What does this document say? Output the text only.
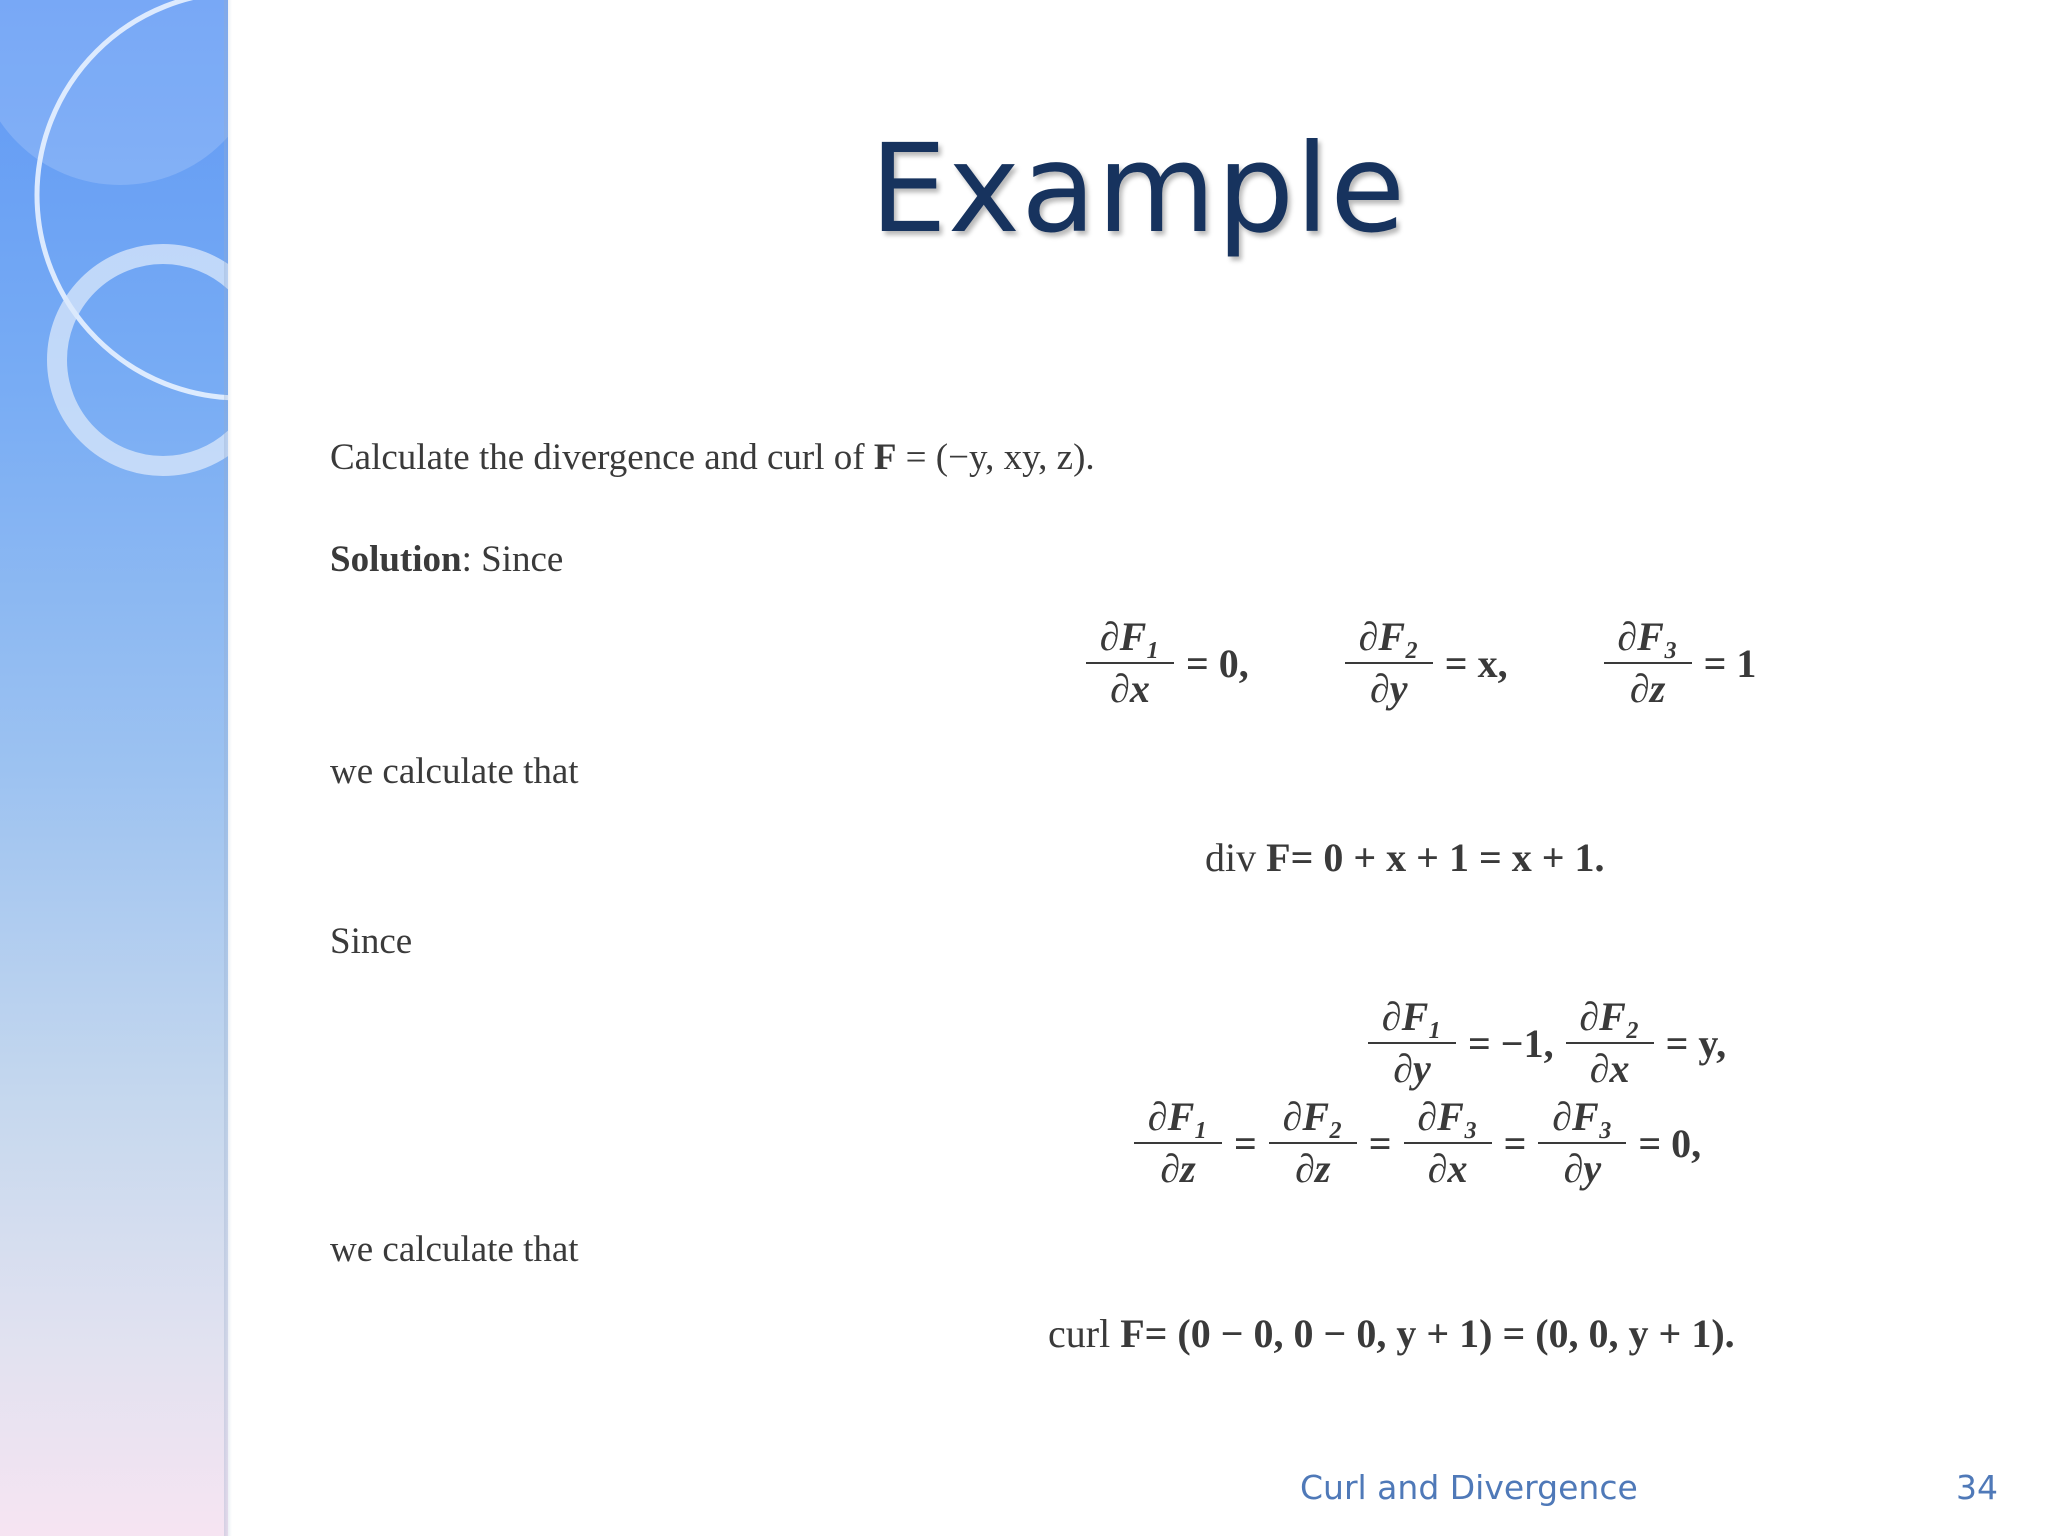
Example
Calculate the divergence and curl of F = (−y, xy, z).
Solution: Since
$\frac{\text{∂F₁}}{\partial x} = 0$, $\frac{\text{∂F₂}}{\partial y} = x$, $\frac{\text{∂F₃}}{\partial z} = 1$
we calculate that
div
F = 0 + x + 1 = x + 1.
Since
$\frac{\text{∂F₁}}{\partial y} = -1$, $\frac{\text{∂F₂}}{\partial x} = y$,
$\frac{\text{∂F₁}}{\partial z} = \frac{\text{∂F₂}}{\partial z} = \frac{\text{∂F₃}}{\partial x} = \frac{\text{∂F₃}}{\partial y} = 0$,
we calculate that
curl
F = (0 − 0, 0 − 0, y + 1) = (0, 0, y + 1).
Curl and Divergence	34
